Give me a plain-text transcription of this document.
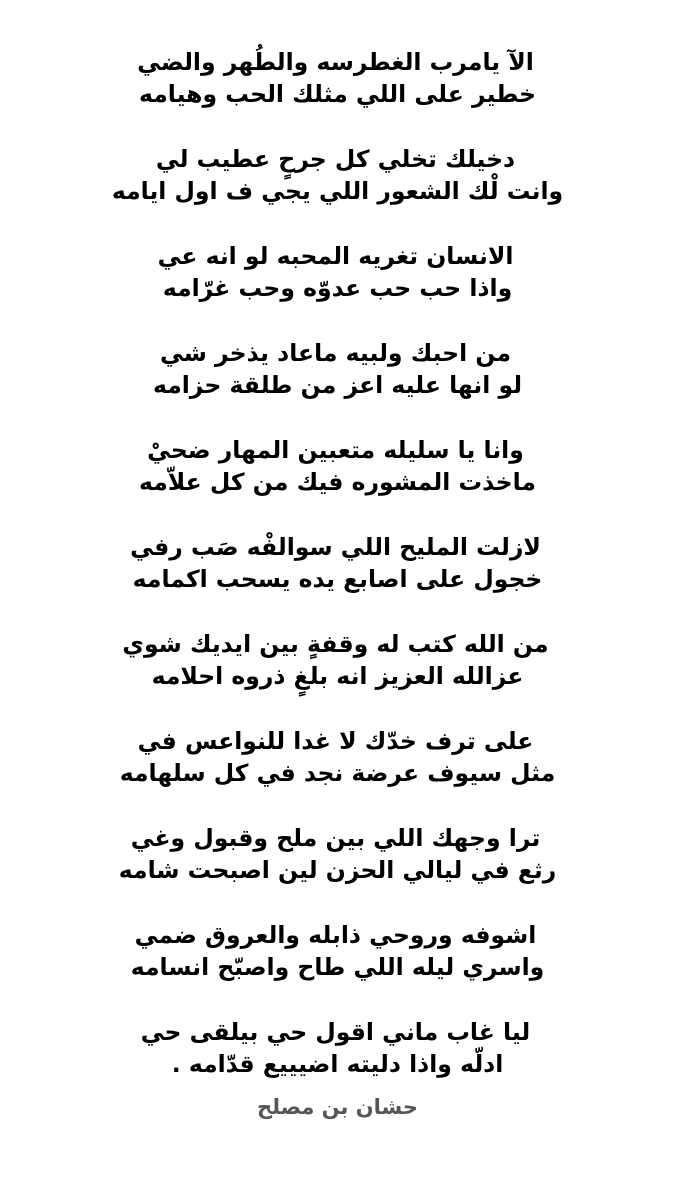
الآ يامرب الغطرسه والطُهر والضي
خطير على اللي مثلك الحب وهيامه
دخيلك تخلي كل جرحٍ عطيب لي
وانت لْك الشعور اللي يجي ف اول ايامه
الانسان تغريه المحبه لو انه عي
واذا حب حب عدوّه وحب غرّامه
من احبك ولبيه ماعاد يذخر شي
لو انها عليه اعز من طلقة حزامه
وانا يا سليله متعبين المهار ضحيْ
ماخذت المشوره فيك من كل علاّمه
لازلت المليح اللي سوالفْه صَب رفي
خجول على اصابع يده يسحب اكمامه
من الله كتب له وقفةٍ بين ايديك شوي
عزالله العزيز انه بلغٍ ذروه احلامه
على ترف خدّك لا غدا للنواعس في
مثل سيوف عرضة نجد في كل سلهامه
ترا وجهك اللي بين ملح وقبول وغي
رثع في ليالي الحزن لين اصبحت شامه
اشوفه وروحي ذابله والعروق ضمي
واسري ليله اللي طاح واصبّح انسامه
ليا غاب ماني اقول حي بيلقى حي
ادلّه واذا دليته اضيييع قدّامه .
حشان بن مصلح
